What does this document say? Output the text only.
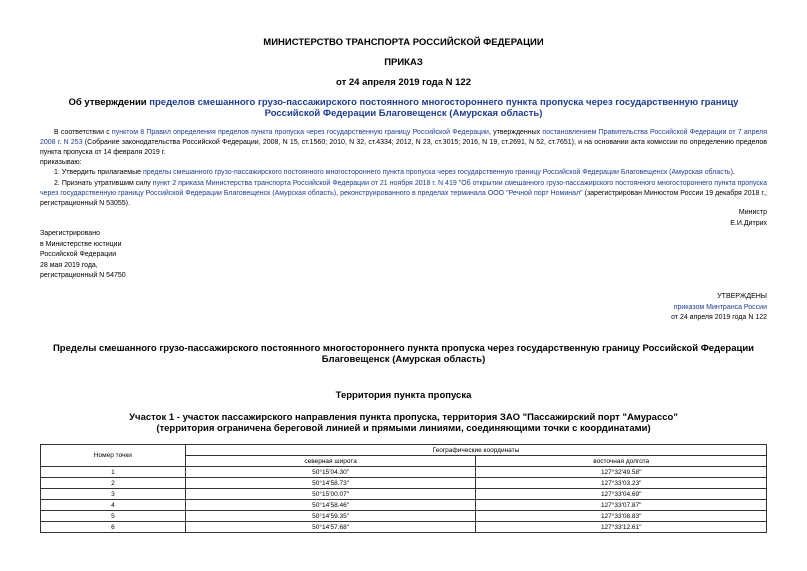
МИНИСТЕРСТВО ТРАНСПОРТА РОССИЙСКОЙ ФЕДЕРАЦИИ
ПРИКАЗ
от 24 апреля 2019 года N 122
Об утверждении пределов смешанного грузо-пассажирского постоянного многостороннего пункта пропуска через государственную границу Российской Федерации Благовещенск (Амурская область)
В соответствии с пунктом 8 Правил определения пределов пункта пропуска через государственную границу Российской Федерации, утвержденных постановлением Правительства Российской Федерации от 7 апреля 2008 г. N 253 (Собрание законодательства Российской Федерации, 2008, N 15, ст.1560; 2010, N 32, ст.4334; 2012, N 23, ст.3015; 2016, N 19, ст.2691, N 52, ст.7651), и на основании акта комиссии по определению пределов пункта пропуска от 14 февраля 2019 г.
приказываю:
1. Утвердить прилагаемые пределы смешанного грузо-пассажирского постоянного многостороннего пункта пропуска через государственную границу Российской Федерации Благовещенск (Амурская область).
2. Признать утратившим силу пункт 2 приказа Министерства транспорта Российской Федерации от 21 ноября 2018 г. N 419 "Об открытии смешанного грузо-пассажирского постоянного многостороннего пункта пропуска через государственную границу Российской Федерации Благовещенск (Амурская область), реконструированного в пределах терминала ООО "Речной порт Номинал" (зарегистрирован Минюстом России 19 декабря 2018 г., регистрационный N 53055).
Министр
Е.И.Дитрих
Зарегистрировано
в Министерстве юстиции
Российской Федерации
28 мая 2019 года,
регистрационный N 54750
УТВЕРЖДЕНЫ
приказом Минтранса России
от 24 апреля 2019 года N 122
Пределы смешанного грузо-пассажирского постоянного многостороннего пункта пропуска через государственную границу Российской Федерации
Благовещенск (Амурская область)
Территория пункта пропуска
Участок 1 - участок пассажирского направления пункта пропуска, территория ЗАО "Пассажирский порт "Амурассо"
(территория ограничена береговой линией и прямыми линиями, соединяющими точки с координатами)
Номер точки	Географические координаты	
	северная широта	восточная долгота
1	50°15'04.30"	127°32'49.58"
2	50°14'58.73"	127°33'03.23"
3	50°15'00.07"	127°33'04.69"
4	50°14'58.46"	127°33'07.87"
5	50°14'59.35"	127°33'08.83"
6	50°14'57.68"	127°33'12.61"
